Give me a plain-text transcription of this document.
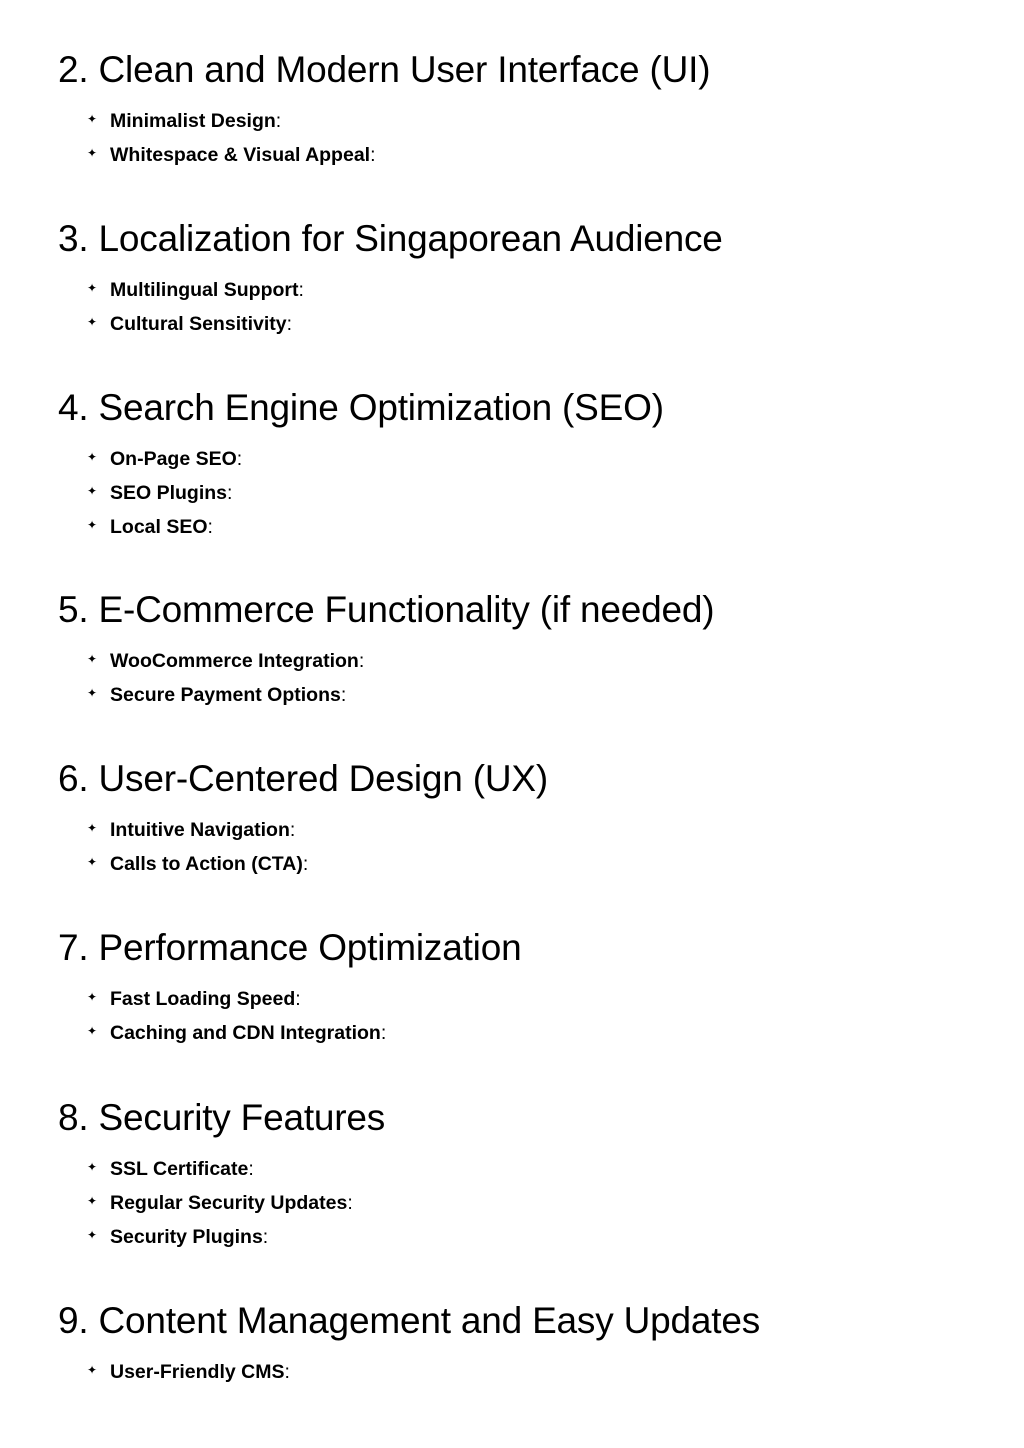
2. Clean and Modern User Interface (UI)
✦ Minimalist Design:
✦ Whitespace & Visual Appeal:
3. Localization for Singaporean Audience
✦ Multilingual Support:
✦ Cultural Sensitivity:
4. Search Engine Optimization (SEO)
✦ On-Page SEO:
✦ SEO Plugins:
✦ Local SEO:
5. E-Commerce Functionality (if needed)
✦ WooCommerce Integration:
✦ Secure Payment Options:
6. User-Centered Design (UX)
✦ Intuitive Navigation:
✦ Calls to Action (CTA):
7. Performance Optimization
✦ Fast Loading Speed:
✦ Caching and CDN Integration:
8. Security Features
✦ SSL Certificate:
✦ Regular Security Updates:
✦ Security Plugins:
9. Content Management and Easy Updates
✦ User-Friendly CMS:
